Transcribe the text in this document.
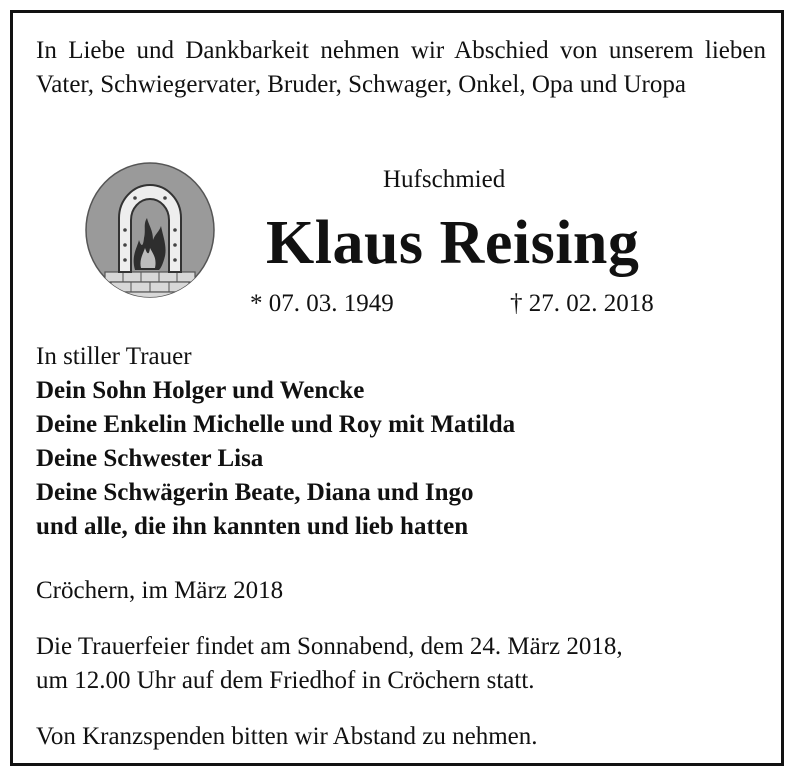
In Liebe und Dankbarkeit nehmen wir Abschied von unserem lieben Vater, Schwiegervater, Bruder, Schwager, Onkel, Opa und Uropa
Hufschmied
Klaus Reising
* 07. 03. 1949	† 27. 02. 2018
In stiller Trauer
Dein Sohn Holger und Wencke
Deine Enkelin Michelle und Roy mit Matilda
Deine Schwester Lisa
Deine Schwägerin Beate, Diana und Ingo
und alle, die ihn kannten und lieb hatten
Cröchern, im März 2018
Die Trauerfeier findet am Sonnabend, dem 24. März 2018,
um 12.00 Uhr auf dem Friedhof in Cröchern statt.
Von Kranzspenden bitten wir Abstand zu nehmen.
